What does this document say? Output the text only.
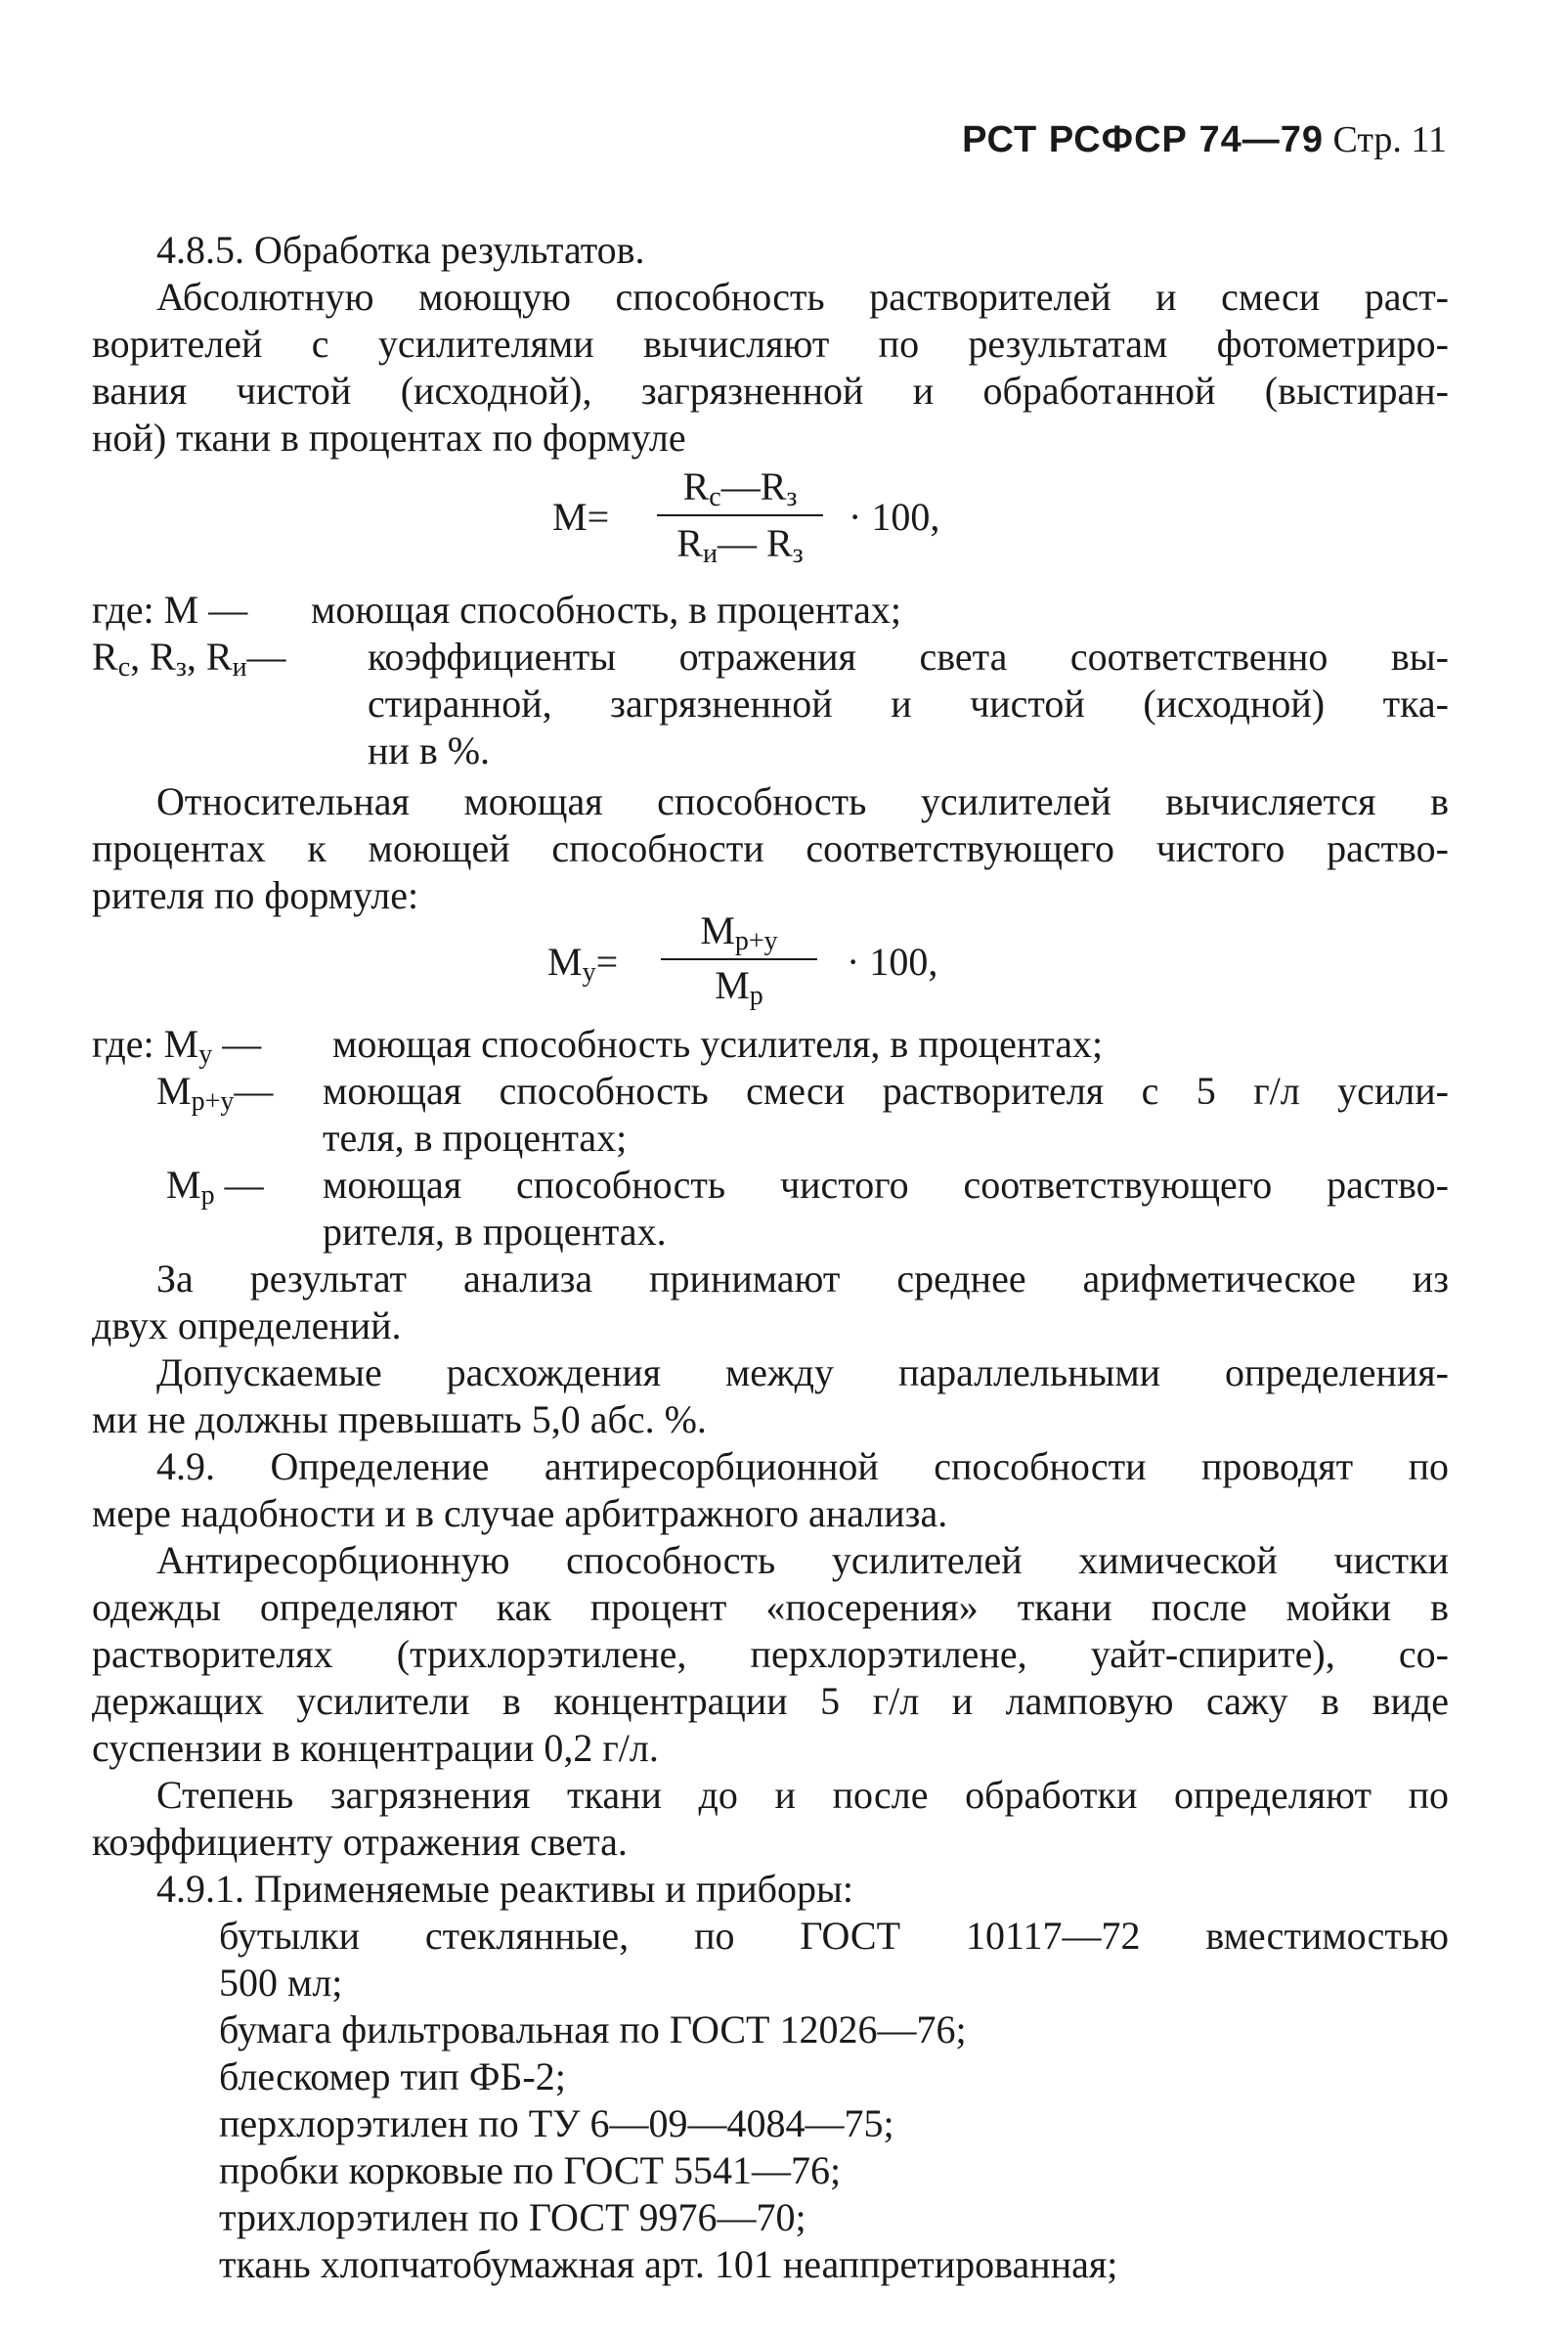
РСТ РСФСР 74—79 Стр. 11
4.8.5. Обработка результатов.
Абсолютную моющую способность растворителей и смеси раст-
ворителей с усилителями вычисляют по результатам фотометриро-
вания чистой (исходной), загрязненной и обработанной (выстиран-
ной) ткани в процентах по формуле
M=
$R_c—R_з$
$R_и—$ $R_з$
· 100,
где: M — моющая способность, в процентах;
$R_с$, $R_з$, $R_и—$ коэффициенты отражения света соответственно вы-
стиранной, загрязненной и чистой (исходной) тка-
ни в %.
Относительная моющая способность усилителей вычисляется в
процентах к моющей способности соответствующего чистого раство-
рителя по формуле:
$M_у=$
$M_{р+у}$
$M_р$
· 100,
где: $M_у$ — моющая способность усилителя, в процентах;
$M_{р+у}—$ моющая способность смеси растворителя с 5 г/л усили-
теля, в процентах;
$M_р$ — моющая способность чистого соответствующего раство-
рителя, в процентах.
За результат анализа принимают среднее арифметическое из
двух определений.
Допускаемые расхождения между параллельными определения-
ми не должны превышать 5,0 абс. %.
4.9. Определение антиресорбционной способности проводят по
мере надобности и в случае арбитражного анализа.
Антиресорбционную способность усилителей химической чистки
одежды определяют как процент «посерения» ткани после мойки в
растворителях (трихлорэтилене, перхлорэтилене, уайт-спирите), со-
держащих усилители в концентрации 5 г/л и ламповую сажу в виде
суспензии в концентрации 0,2 г/л.
Степень загрязнения ткани до и после обработки определяют по
коэффициенту отражения света.
4.9.1. Применяемые реактивы и приборы:
бутылки стеклянные, по ГОСТ 10117—72 вместимостью
500 мл;
бумага фильтровальная по ГОСТ 12026—76;
блескомер тип ФБ-2;
перхлорэтилен по ТУ 6—09—4084—75;
пробки корковые по ГОСТ 5541—76;
трихлорэтилен по ГОСТ 9976—70;
ткань хлопчатобумажная арт. 101 неаппретированная;
